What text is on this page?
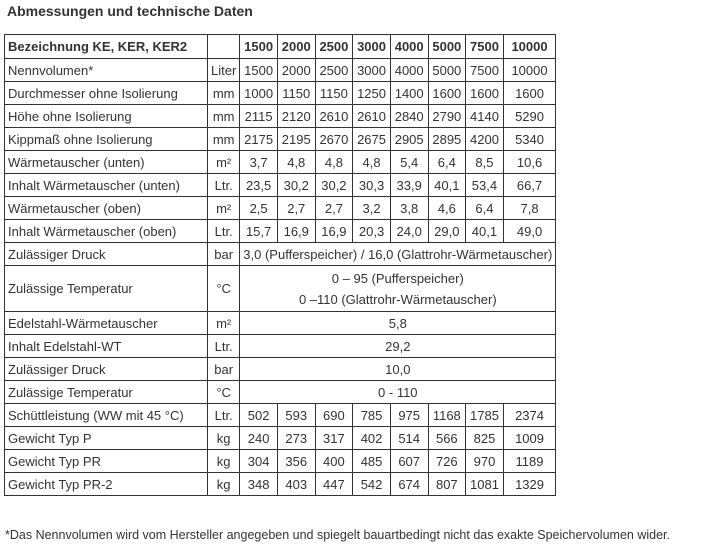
Abmessungen und technische Daten
Bezeichnung KE, KER, KER2		1500	2000	2500	3000	4000	5000	7500	10000
Nennvolumen*	Liter	1500	2000	2500	3000	4000	5000	7500	10000
Durchmesser ohne Isolierung	mm	1000	1150	1150	1250	1400	1600	1600	1600
Höhe ohne Isolierung	mm	2115	2120	2610	2610	2840	2790	4140	5290
Kippmaß ohne Isolierung	mm	2175	2195	2670	2675	2905	2895	4200	5340
Wärmetauscher (unten)	m²	3,7	4,8	4,8	4,8	5,4	6,4	8,5	10,6
Inhalt Wärmetauscher (unten)	Ltr.	23,5	30,2	30,2	30,3	33,9	40,1	53,4	66,7
Wärmetauscher (oben)	m²	2,5	2,7	2,7	3,2	3,8	4,6	6,4	7,8
Inhalt Wärmetauscher (oben)	Ltr.	15,7	16,9	16,9	20,3	24,0	29,0	40,1	49,0
Zulässiger Druck	bar	3,0 (Pufferspeicher) / 16,0 (Glattrohr-Wärmetauscher)							
Zulässige Temperatur	°C	0 – 95 (Pufferspeicher)
0 –110 (Glattrohr-Wärmetauscher)							

Edelstahl-Wärmetauscher	m²	5,8							
Inhalt Edelstahl-WT	Ltr.	29,2							
Zulässiger Druck	bar	10,0							
Zulässige Temperatur	°C	0 - 110							
Schüttleistung (WW mit 45 °C)	Ltr.	502	593	690	785	975	1168	1785	2374
Gewicht Typ P	kg	240	273	317	402	514	566	825	1009
Gewicht Typ PR	kg	304	356	400	485	607	726	970	1189
Gewicht Typ PR-2	kg	348	403	447	542	674	807	1081	1329
*Das Nennvolumen wird vom Hersteller angegeben und spiegelt bauartbedingt nicht das exakte Speichervolumen wider.
